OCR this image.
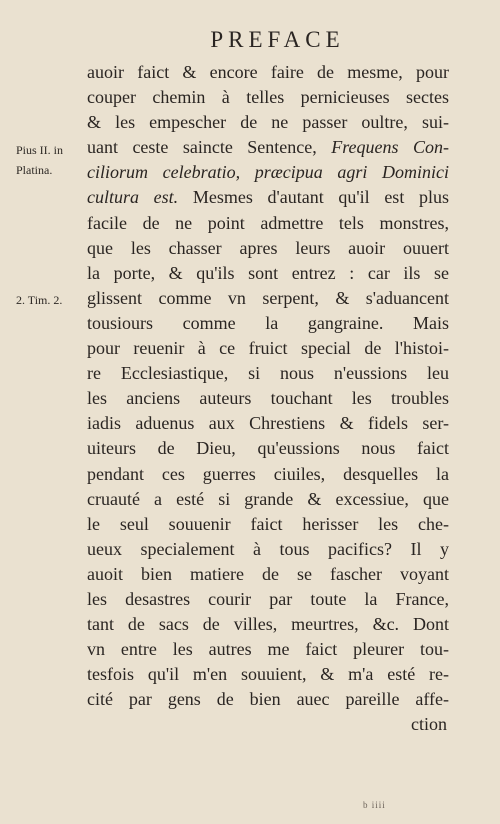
PREFACE
Pius II. in
Platina.
2. Tim. 2.
auoir faict & encore faire de mesme, pour
couper chemin à telles pernicieuses sectes
& les empescher de ne passer oultre, sui-
uant ceste saincte Sentence, Frequens Con-
ciliorum celebratio, præcipua agri Dominici
cultura est. Mesmes d'autant qu'il est plus
facile de ne point admettre tels monstres,
que les chasser apres leurs auoir ouuert
la porte, & qu'ils sont entrez : car ils se
glissent comme vn serpent, & s'aduancent
tousiours comme la gangraine. Mais
pour reuenir à ce fruict special de l'histoi-
re Ecclesiastique, si nous n'eussions leu
les anciens auteurs touchant les troubles
iadis aduenus aux Chrestiens & fidels ser-
uiteurs de Dieu, qu'eussions nous faict
pendant ces guerres ciuiles, desquelles la
cruauté a esté si grande & excessiue, que
le seul souuenir faict herisser les che-
ueux specialement à tous pacifics? Il y
auoit bien matiere de se fascher voyant
les desastres courir par toute la France,
tant de sacs de villes, meurtres, &c. Dont
vn entre les autres me faict pleurer tou-
tesfois qu'il m'en souuient, & m'a esté re-
cité par gens de bien auec pareille affe-
ction
b iiii
